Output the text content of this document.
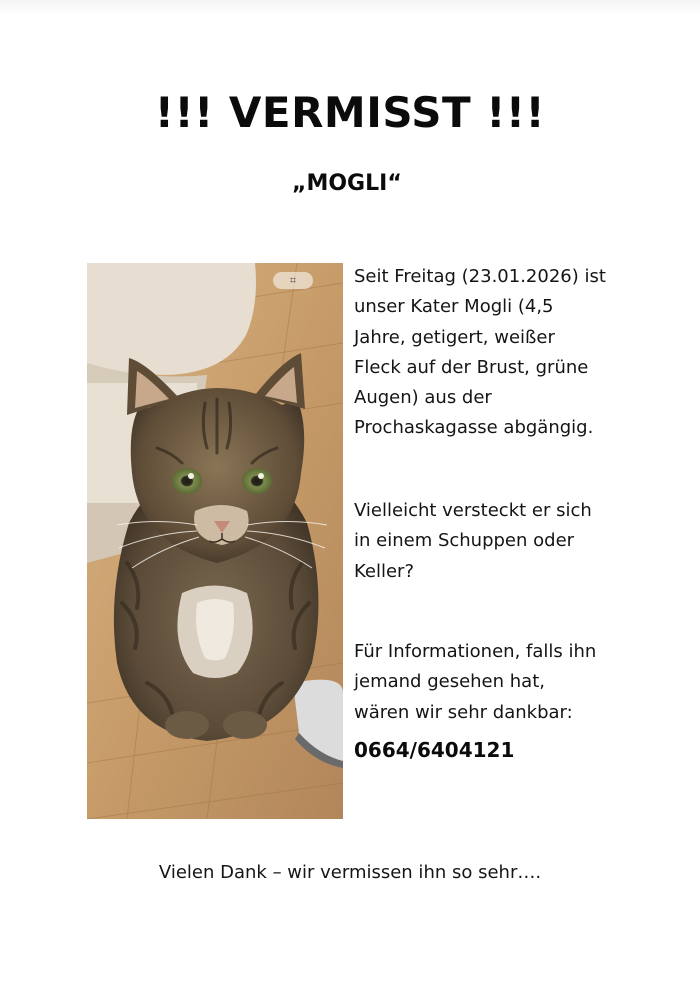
!!! VERMISST !!!
„MOGLI“
⌗	Seit Freitag (23.01.2026) ist
unser Kater Mogli (4,5
Jahre, getigert, weißer
Fleck auf der Brust, grüne
Augen) aus der
Prochaskagasse abgängig.

Vielleicht versteckt er sich
in einem Schuppen oder
Keller?

Für Informationen, falls ihn
jemand gesehen hat,
wären wir sehr dankbar:

0664/6404121
Vielen Dank – wir vermissen ihn so sehr….
